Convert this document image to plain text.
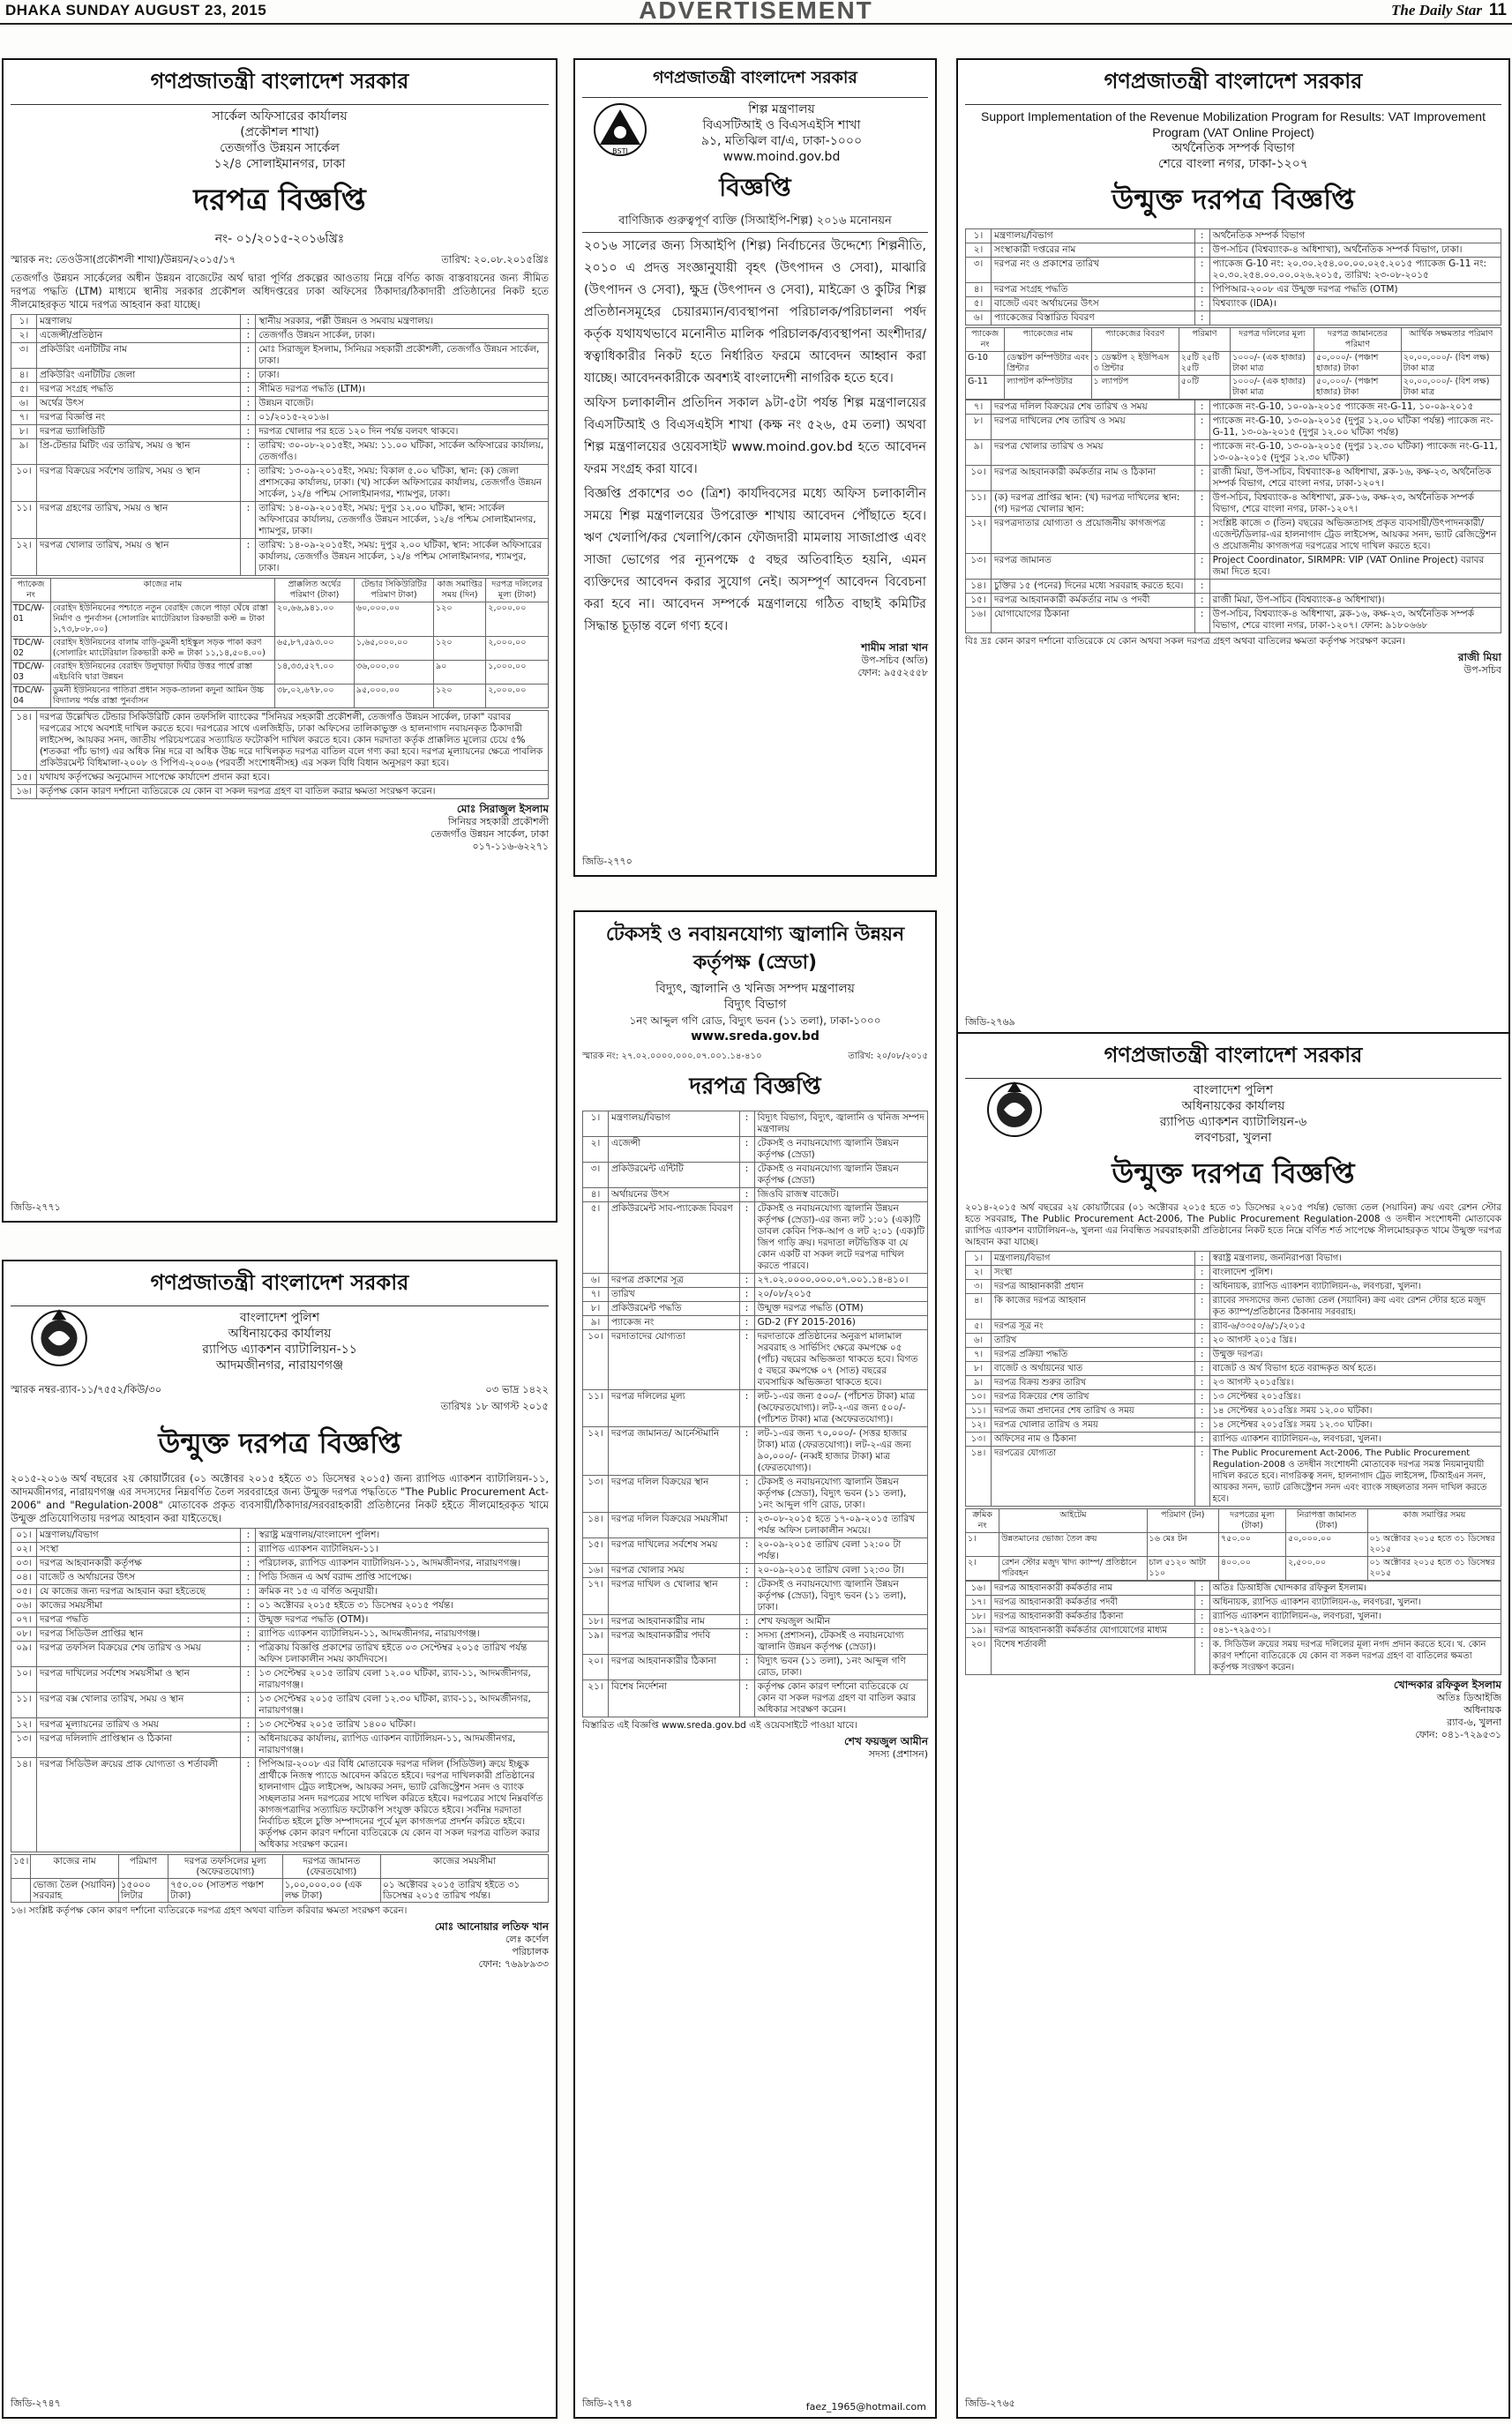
DHAKA SUNDAY AUGUST 23, 2015	ADVERTISEMENT	The Daily Star 11
গণপ্রজাতন্ত্রী বাংলাদেশ সরকার
সার্কেল অফিসারের কার্যালয়
(প্রকৌশল শাখা)
তেজগাঁও উন্নয়ন সার্কেল
১২/৪ সোলাইমানগর, ঢাকা
দরপত্র বিজ্ঞপ্তি
নং- ০১/২০১৫-২০১৬খ্রিঃ
স্মারক নং: তেওউসা(প্রকৌশলী শাখা)/উন্নয়ন/২০১৫/১৭	তারিখ: ২০.০৮.২০১৫খ্রিঃ
তেজগাঁও উন্নয়ন সার্কেলের অধীন উন্নয়ন বাজেটের অর্থ দ্বারা পূর্ণির প্রকল্পের আওতায় নিম্নে বর্ণিত কাজ বাস্তবায়নের জন্য সীমিত দরপত্র পদ্ধতি (LTM) মাধ্যমে স্থানীয় সরকার প্রকৌশল অধিদপ্তরের ঢাকা অফিসের ঠিকাদার/ঠিকাদারী প্রতিষ্ঠানের নিকট হতে সীলমোহরকৃত খামে দরপত্র আহবান করা যাচ্ছে।
১।	মন্ত্রণালয়	:	স্থানীয় সরকার, পল্লী উন্নয়ন ও সমবায় মন্ত্রণালয়।
২।	এজেন্সী/প্রতিষ্ঠান	:	তেজগাঁও উন্নয়ন সার্কেল, ঢাকা।
৩।	প্রকিউরিং এনটিটির নাম	:	মোঃ সিরাজুল ইসলাম, সিনিয়র সহকারী প্রকৌশলী, তেজগাঁও উন্নয়ন সার্কেল, ঢাকা।
৪।	প্রকিউরিং এনটিটির জেলা	:	ঢাকা।
৫।	দরপত্র সংগ্রহ পদ্ধতি	:	সীমিত দরপত্র পদ্ধতি (LTM)।
৬।	অর্থের উৎস	:	উন্নয়ন বাজেট।
৭।	দরপত্র বিজ্ঞপ্তি নং	:	০১/২০১৫-২০১৬।
৮।	দরপত্র ভ্যালিডিটি	:	দরপত্র খোলার পর হতে ১২০ দিন পর্যন্ত বলবৎ থাকবে।
৯।	প্রি-টেন্ডার মিটিং এর তারিখ, সময় ও স্থান	:	তারিখ: ৩০-০৮-২০১৫ইং, সময়: ১১.০০ ঘটিকা, সার্কেল অফিসারের কার্যালয়, তেজগাঁও।
১০।	দরপত্র বিক্রয়ের সর্বশেষ তারিখ, সময় ও স্থান	:	তারিখ: ১৩-০৯-২০১৫ইং, সময়: বিকাল ৫.০০ ঘটিকা, স্থান: (ক) জেলা প্রশাসকের কার্যালয়, ঢাকা। (খ) সার্কেল অফিসারের কার্যালয়, তেজগাঁও উন্নয়ন সার্কেল, ১২/৪ পশ্চিম সোলাইমানগর, শ্যামপুর, ঢাকা।
১১।	দরপত্র গ্রহণের তারিখ, সময় ও স্থান	:	তারিখ: ১৪-০৯-২০১৫ইং, সময়: দুপুর ১২.০০ ঘটিকা, স্থান: সার্কেল অফিসারের কার্যালয়, তেজগাঁও উন্নয়ন সার্কেল, ১২/৪ পশ্চিম সোলাইমানগর, শ্যামপুর, ঢাকা।
১২।	দরপত্র খোলার তারিখ, সময় ও স্থান	:	তারিখ: ১৪-০৯-২০১৫ইং, সময়: দুপুর ২.০০ ঘটিকা, স্থান: সার্কেল অফিসারের কার্যালয়, তেজগাঁও উন্নয়ন সার্কেল, ১২/৪ পশ্চিম সোলাইমানগর, শ্যামপুর, ঢাকা।
প্যাকেজ নং	কাজের নাম	প্রাক্কলিত অর্থের পরিমাণ (টাকা)	টেন্ডার সিকিউরিটির পরিমাণ টাকা)	কাজ সমাপ্তির সময় (দিন)	দরপত্র দলিলের মূল্য (টাকা)
TDC/W-01	বেরাইদ ইউনিয়নের পশ্চাতে নতুন বেরাইদ জেলে পাড়া ঘেঁষে রাস্তা নির্মাণ ও পুনর্বাসন (সোলারিং ম্যাটেরিয়াল রিকভারী কস্ট = টাকা ১,৭৩,৮০৮.০০)	২০,৬৬,৯৪১.০০	৬০,০০০.০০	১২০	২,০০০.০০
TDC/W-02	বেরাইদ ইউনিয়নের বালাম বাড়ি-ডুমনী হাইস্কুল সড়ক পাকা করণ (সোলারিং ম্যাটেরিয়াল রিকভারী কস্ট = টাকা ১১,১৪,৫০৪.০০)	৬৫,৮৭,৫৯৩.০০	১,৬৫,০০০.০০	১২০	২,০০০.০০
TDC/W-03	বেরাইদ ইউনিয়নের বেরাইদ উলুখাড়া দিঘীর উত্তর পার্শ্বে রাস্তা এইচবিবি দ্বারা উন্নয়ন	১৪,৩৩,৫২৭.০০	৩৬,০০০.০০	৯০	১,০০০.০০
TDC/W-04	ডুমনী ইউনিয়নের পাতিরা প্রধান সড়ক-তালনা কদুনা আমিন উচ্চ বিদ্যালয় পর্যন্ত রাস্তা পুনর্বাসন	৩৮,০২,৬৭৮.০০	৯৫,০০০.০০	১২০	২,০০০.০০
১৪।	দরপত্র উল্লেখিত টেন্ডার সিকিউরিটি কোন তফসিলি ব্যাংকের "সিনিয়র সহকারী প্রকৌশলী, তেজগাঁও উন্নয়ন সার্কেল, ঢাকা" বরাবর দরপত্রের সাথে অবশ্যই দাখিল করতে হবে। দরপত্রের সাথে এলজিইডি, ঢাকা অফিসের তালিকাভুক্ত ও হালনাগাদ নবায়নকৃত ঠিকাদারী লাইসেন্স, আয়কর সনদ, জাতীয় পরিচয়পত্রের সত্যায়িত ফটোকপি দাখিল করতে হবে। কোন দরদাতা কর্তৃক প্রাক্কলিত মূল্যের চেয়ে ৫% (শতকরা পাঁচ ভাগ) এর অধিক নিম্ন দরে বা অধিক উচ্চ দরে দাখিলকৃত দরপত্র বাতিল বলে গণ্য করা হবে। দরপত্র মূল্যায়নের ক্ষেত্রে পাবলিক প্রকিউরমেন্ট বিধিমালা-২০০৮ ও পিপিএ-২০০৬ (পরবর্তী সংশোধনীসহ) এর সকল বিধি বিধান অনুসরণ করা হবে।
১৫।	যথাযথ কর্তৃপক্ষের অনুমোদন সাপেক্ষে কার্যাদেশ প্রদান করা হবে।
১৬।	কর্তৃপক্ষ কোন কারণ দর্শানো ব্যতিরেকে যে কোন বা সকল দরপত্র গ্রহণ বা বাতিল করার ক্ষমতা সংরক্ষণ করেন।
মোঃ সিরাজুল ইসলাম
সিনিয়র সহকারী প্রকৌশলী
তেজগাঁও উন্নয়ন সার্কেল, ঢাকা
০১৭-১১৬-৬২২৭১
জিডি-২৭৭১
গণপ্রজাতন্ত্রী বাংলাদেশ সরকার
BSTI
শিল্প মন্ত্রণালয়
বিএসটিআই ও বিএসএইসি শাখা
৯১, মতিঝিল বা/এ, ঢাকা-১০০০
www.moind.gov.bd
বিজ্ঞপ্তি
বাণিজ্যিক গুরুত্বপূর্ণ ব্যক্তি (সিআইপি-শিল্প) ২০১৬ মনোনয়ন
২০১৬ সালের জন্য সিআইপি (শিল্প) নির্বাচনের উদ্দেশ্যে শিল্পনীতি, ২০১০ এ প্রদত্ত সংজ্ঞানুযায়ী বৃহৎ (উৎপাদন ও সেবা), মাঝারি (উৎপাদন ও সেবা), ক্ষুদ্র (উৎপাদন ও সেবা), মাইক্রো ও কুটির শিল্প প্রতিষ্ঠানসমূহের চেয়ারম্যান/ব্যবস্থাপনা পরিচালক/পরিচালনা পর্ষদ কর্তৃক যথাযথভাবে মনোনীত মালিক পরিচালক/ব্যবস্থাপনা অংশীদার/স্বত্বাধিকারীর নিকট হতে নির্ধারিত ফরমে আবেদন আহ্বান করা যাচ্ছে। আবেদনকারীকে অবশ্যই বাংলাদেশী নাগরিক হতে হবে।
অফিস চলাকালীন প্রতিদিন সকাল ৯টা-৫টা পর্যন্ত শিল্প মন্ত্রণালয়ের বিএসটিআই ও বিএসএইসি শাখা (কক্ষ নং ৫২৬, ৫ম তলা) অথবা শিল্প মন্ত্রণালয়ের ওয়েবসাইট www.moind.gov.bd হতে আবেদন ফরম সংগ্রহ করা যাবে।
বিজ্ঞপ্তি প্রকাশের ৩০ (ত্রিশ) কার্যদিবসের মধ্যে অফিস চলাকালীন সময়ে শিল্প মন্ত্রণালয়ের উপরোক্ত শাখায় আবেদন পৌঁছাতে হবে। ঋণ খেলাপি/কর খেলাপি/কোন ফৌজদারী মামলায় সাজাপ্রাপ্ত এবং সাজা ভোগের পর ন্যূনপক্ষে ৫ বছর অতিবাহিত হয়নি, এমন ব্যক্তিদের আবেদন করার সুযোগ নেই। অসম্পূর্ণ আবেদন বিবেচনা করা হবে না। আবেদন সম্পর্কে মন্ত্রণালয়ে গঠিত বাছাই কমিটির সিদ্ধান্ত চূড়ান্ত বলে গণ্য হবে।
শামীম সারা খান
উপ-সচিব (অতি)
ফোন: ৯৫৫২৫৫৮
জিডি-২৭৭০
টেকসই ও নবায়নযোগ্য জ্বালানি উন্নয়ন কর্তৃপক্ষ (স্রেডা)
বিদ্যুৎ, জ্বালানি ও খনিজ সম্পদ মন্ত্রণালয়
বিদ্যুৎ বিভাগ
১নং আব্দুল গণি রোড, বিদ্যুৎ ভবন (১১ তলা), ঢাকা-১০০০
www.sreda.gov.bd
স্মারক নং: ২৭.০২.০০০০.০০০.০৭.০০১.১৪-৪১০	তারিখ: ২০/০৮/২০১৫
দরপত্র বিজ্ঞপ্তি
১।	মন্ত্রণালয়/বিভাগ	:	বিদ্যুৎ বিভাগ, বিদ্যুৎ, জ্বালানি ও খনিজ সম্পদ মন্ত্রণালয়
২।	এজেন্সী	:	টেকসই ও নবায়নযোগ্য জ্বালানি উন্নয়ন কর্তৃপক্ষ (স্রেডা)
৩।	প্রকিউরমেন্ট এন্টিটি	:	টেকসই ও নবায়নযোগ্য জ্বালানি উন্নয়ন কর্তৃপক্ষ (স্রেডা)
৪।	অর্থায়নের উৎস	:	জিওবি রাজস্ব বাজেট।
৫।	প্রকিউরমেন্ট সাব-প্যাকেজ বিবরণ	:	টেকসই ও নবায়নযোগ্য জ্বালানি উন্নয়ন কর্তৃপক্ষ (স্রেডা)-এর জন্য লট ১:০১ (এক)টি ডাবল কেবিন পিক-আপ ও লট ২:০১ (এক)টি জিপ গাড়ি ক্রয়। দরদাতা লটভিত্তিক বা যে কোন একটি বা সকল লটে দরপত্র দাখিল করতে পারবে।
৬।	দরপত্র প্রকাশের সূত্র	:	২৭.০২.০০০০.০০০.০৭.০০১.১৪-৪১০।
৭।	তারিখ	:	২০/০৮/২০১৫
৮।	প্রকিউরমেন্ট পদ্ধতি	:	উন্মুক্ত দরপত্র পদ্ধতি (OTM)
৯।	প্যাকেজ নং	:	GD-2 (FY 2015-2016)
১০।	দরদাতাদের যোগ্যতা	:	দরদাতাকে প্রতিষ্ঠানের অনুরূপ মালামাল সরবরাহ ও সার্ভিসিং ক্ষেত্রে কমপক্ষে ০৫ (পাঁচ) বছরের অভিজ্ঞতা থাকতে হবে। বিগত ৫ বছরে কমপক্ষে ০৭ (সাত) বছরের ব্যবসায়িক অভিজ্ঞতা থাকতে হবে।
১১।	দরপত্র দলিলের মূল্য	:	লট-১-এর জন্য ৫০০/- (পাঁচশত টাকা) মাত্র (অফেরতযোগ্য)। লট-২-এর জন্য ৫০০/- (পাঁচশত টাকা) মাত্র (অফেরতযোগ্য)।
১২।	দরপত্র জামানত/ আর্নেস্টমানি	:	লট-১-এর জন্য ৭০,০০০/- (সত্তর হাজার টাকা) মাত্র (ফেরতযোগ্য)। লট-২-এর জন্য ৯০,০০০/- (নব্বই হাজার টাকা) মাত্র (ফেরতযোগ্য)।
১৩।	দরপত্র দলিল বিক্রয়ের স্থান	:	টেকসই ও নবায়নযোগ্য জ্বালানি উন্নয়ন কর্তৃপক্ষ (স্রেডা), বিদ্যুৎ ভবন (১১ তলা), ১নং আব্দুল গণি রোড, ঢাকা।
১৪।	দরপত্র দলিল বিক্রয়ের সময়সীমা	:	২৩-০৮-২০১৫ হতে ১৭-০৯-২০১৫ তারিখ পর্যন্ত অফিস চলাকালীন সময়ে।
১৫।	দরপত্র দাখিলের সর্বশেষ সময়	:	২০-০৯-২০১৫ তারিখ বেলা ১২:০০ টা পর্যন্ত।
১৬।	দরপত্র খোলার সময়	:	২০-০৯-২০১৫ তারিখ বেলা ১২:৩০ টা।
১৭।	দরপত্র দাখিল ও খোলার স্থান	:	টেকসই ও নবায়নযোগ্য জ্বালানি উন্নয়ন কর্তৃপক্ষ (স্রেডা), বিদ্যুৎ ভবন (১১ তলা), ঢাকা।
১৮।	দরপত্র আহবানকারীর নাম	:	শেখ ফয়জুল আমীন
১৯।	দরপত্র আহবানকারীর পদবি	:	সদস্য (প্রশাসন), টেকসই ও নবায়নযোগ্য জ্বালানি উন্নয়ন কর্তৃপক্ষ (স্রেডা)।
২০।	দরপত্র আহবানকারীর ঠিকানা	:	বিদ্যুৎ ভবন (১১ তলা), ১নং আব্দুল গণি রোড, ঢাকা।
২১।	বিশেষ নির্দেশনা	:	কর্তৃপক্ষ কোন কারণ দর্শানো ব্যতিরেকে যে কোন বা সকল দরপত্র গ্রহণ বা বাতিল করার অধিকার সংরক্ষণ করেন।
বিস্তারিত এই বিজ্ঞপ্তি www.sreda.gov.bd এই ওয়েবসাইটে পাওয়া যাবে।
শেখ ফয়জুল আমীন
সদস্য (প্রশাসন)
জিডি-২৭৭৪	faez_1965@hotmail.com
গণপ্রজাতন্ত্রী বাংলাদেশ সরকার
Support Implementation of the Revenue Mobilization Program for Results: VAT Improvement Program (VAT Online Project)
অর্থনৈতিক সম্পর্ক বিভাগ
শেরে বাংলা নগর, ঢাকা-১২০৭
উন্মুক্ত দরপত্র বিজ্ঞপ্তি
১।	মন্ত্রণালয়/বিভাগ	:	অর্থনৈতিক সম্পর্ক বিভাগ
২।	সংস্থাকারী দপ্তরের নাম	:	উপ-সচিব (বিশ্বব্যাংক-৪ অধিশাখা), অর্থনৈতিক সম্পর্ক বিভাগ, ঢাকা।
৩।	দরপত্র নং ও প্রকাশের তারিখ	:	প্যাকেজ G-10 নং: ২০.৩০.২৫৪.০০.০০.০২৫.২০১৫ প্যাকেজ G-11 নং: ২০.৩০.২৫৪.০০.০০.০২৬.২০১৫, তারিখ: ২৩-০৮-২০১৫
৪।	দরপত্র সংগ্রহ পদ্ধতি	:	পিপিআর-২০০৮ এর উন্মুক্ত দরপত্র পদ্ধতি (OTM)
৫।	বাজেট এবং অর্থায়নের উৎস	:	বিশ্বব্যাংক (IDA)।
৬।	প্যাকেজের বিস্তারিত বিবরণ	:	
প্যাকেজ নং	প্যাকেজের নাম	প্যাকেজের বিবরণ	পরিমাণ	দরপত্র দলিলের মূল্য	দরপত্র জামানতের পরিমাণ	আর্থিক সক্ষমতার পরিমাণ
G-10	ডেস্কটপ কম্পিউটার এবং প্রিন্টার	১ ডেস্কটপ ২ ইউপিএস ৩ প্রিন্টার	২৫টি ২৫টি ২৫টি	১০০০/- (এক হাজার) টাকা মাত্র	৫০,০০০/- (পঞ্চাশ হাজার) টাকা	২০,০০,০০০/- (বিশ লক্ষ) টাকা মাত্র
G-11	ল্যাপটপ কম্পিউটার	১ ল্যাপটপ	৫০টি	১০০০/- (এক হাজার) টাকা মাত্র	৫০,০০০/- (পঞ্চাশ হাজার) টাকা	২০,০০,০০০/- (বিশ লক্ষ) টাকা মাত্র
৭।	দরপত্র দলিল বিক্রয়ের শেষ তারিখ ও সময়	:	প্যাকেজ নং-G-10, ১০-০৯-২০১৫ প্যাকেজ নং-G-11, ১০-০৯-২০১৫
৮।	দরপত্র দাখিলের শেষ তারিখ ও সময়	:	প্যাকেজ নং-G-10, ১৩-০৯-২০১৫ (দুপুর ১২.০০ ঘটিকা পর্যন্ত) প্যাকেজ নং-G-11, ১৩-০৯-২০১৫ (দুপুর ১২.০০ ঘটিকা পর্যন্ত)
৯।	দরপত্র খোলার তারিখ ও সময়	:	প্যাকেজ নং-G-10, ১৩-০৯-২০১৫ (দুপুর ১২.৩০ ঘটিকা) প্যাকেজ নং-G-11, ১৩-০৯-২০১৫ (দুপুর ১২.৩০ ঘটিকা)
১০।	দরপত্র আহবানকারী কর্মকর্তার নাম ও ঠিকানা	:	রাজী মিয়া, উপ-সচিব, বিশ্বব্যাংক-৪ অধিশাখা, ব্লক-১৬, কক্ষ-২৩, অর্থনৈতিক সম্পর্ক বিভাগ, শেরে বাংলা নগর, ঢাকা-১২০৭।
১১।	(ক) দরপত্র প্রাপ্তির স্থান: (খ) দরপত্র দাখিলের স্থান: (গ) দরপত্র খোলার স্থান:	:	উপ-সচিব, বিশ্বব্যাংক-৪ অধিশাখা, ব্লক-১৬, কক্ষ-২৩, অর্থনৈতিক সম্পর্ক বিভাগ, শেরে বাংলা নগর, ঢাকা-১২০৭।
১২।	দরপত্রদাতার যোগ্যতা ও প্রয়োজনীয় কাগজপত্র	:	সংশ্লিষ্ট কাজে ৩ (তিন) বছরের অভিজ্ঞতাসহ প্রকৃত ব্যবসায়ী/উৎপাদনকারী/এজেন্ট/ডিলার-এর হালনাগাদ ট্রেড লাইসেন্স, আয়কর সনদ, ভ্যাট রেজিস্ট্রেশন ও প্রয়োজনীয় কাগজপত্র দরপত্রের সাথে দাখিল করতে হবে।
১৩।	দরপত্র জামানত	:	Project Coordinator, SIRMPR: VIP (VAT Online Project) বরাবর জমা দিতে হবে।
১৪।	চুক্তির ১৫ (পনের) দিনের মধ্যে সরবরাহ করতে হবে।	:	
১৫।	দরপত্র আহবানকারী কর্মকর্তার নাম ও পদবী	:	রাজী মিয়া, উপ-সচিব (বিশ্বব্যাংক-৪ অধিশাখা)।
১৬।	যোগাযোগের ঠিকানা	:	উপ-সচিব, বিশ্বব্যাংক-৪ অধিশাখা, ব্লক-১৬, কক্ষ-২৩, অর্থনৈতিক সম্পর্ক বিভাগ, শেরে বাংলা নগর, ঢাকা-১২০৭। ফোন: ৯১৮০৬৬৮
বিঃ দ্রঃ কোন কারণ দর্শানো ব্যতিরেকে যে কোন অথবা সকল দরপত্র গ্রহণ অথবা বাতিলের ক্ষমতা কর্তৃপক্ষ সংরক্ষণ করেন।
রাজী মিয়া
উপ-সচিব
জিডি-২৭৬৯
গণপ্রজাতন্ত্রী বাংলাদেশ সরকার
বাংলাদেশ পুলিশ
অধিনায়কের কার্যালয়
র‍্যাপিড এ্যাকশন ব্যাটালিয়ন-৬
লবণচরা, খুলনা
উন্মুক্ত দরপত্র বিজ্ঞপ্তি
২০১৪-২০১৫ অর্থ বছরের ২য় কোয়ার্টারের (০১ অক্টোবর ২০১৫ হতে ৩১ ডিসেম্বর ২০১৫ পর্যন্ত) ভোজ্য তেল (সয়াবিন) ক্রয় এবং রেশন স্টোর হতে সরবরাহ, The Public Procurement Act-2006, The Public Procurement Regulation-2008 ও তদধীন সংশোধনী মোতাবেক র‍্যাপিড এ্যাকশন ব্যাটালিয়ন-৬, খুলনা এর নিবন্ধিত সরবরাহকারী প্রতিষ্ঠানের নিকট হতে নিম্নে বর্ণিত শর্ত সাপেক্ষে সীলমোহরকৃত খামে উন্মুক্ত দরপত্র আহবান করা যাচ্ছে।
১।	মন্ত্রণালয়/বিভাগ	:	স্বরাষ্ট্র মন্ত্রণালয়, জননিরাপত্তা বিভাগ।
২।	সংস্থা	:	বাংলাদেশ পুলিশ।
৩।	দরপত্র আহ্বানকারী প্রধান	:	অধিনায়ক, র‍্যাপিড এ্যাকশন ব্যাটালিয়ন-৬, লবণচরা, খুলনা।
৪।	কি কাজের দরপত্র আহবান	:	র‍্যাবের সদস্যদের জন্য ভোজ্য তেল (সয়াবিন) ক্রয় এবং রেশন স্টোর হতে মজুদ কৃত ক্যাম্প/প্রতিষ্ঠানের ঠিকানায় সরবরাহ।
৫।	দরপত্র সূত্র নং	:	র‍্যাব-৬/৩৩৫০/৬/১/২০১৫
৬।	তারিখ	:	২০ আগস্ট ২০১৫ খ্রিঃ।
৭।	দরপত্র প্রক্রিয়া পদ্ধতি	:	উন্মুক্ত দরপত্র।
৮।	বাজেট ও অর্থায়নের খাত	:	বাজেট ও অর্থ বিভাগ হতে বরাদ্দকৃত অর্থ হতে।
৯।	দরপত্র বিক্রয় শুরুর তারিখ	:	২৩ আগস্ট ২০১৫খ্রিঃ।
১০।	দরপত্র বিক্রয়ের শেষ তারিখ	:	১৩ সেপ্টেম্বর ২০১৫খ্রিঃ।
১১।	দরপত্র জমা প্রদানের শেষ তারিখ ও সময়	:	১৪ সেপ্টেম্বর ২০১৫খ্রিঃ সময় ১২.০০ ঘটিকা।
১২।	দরপত্র খোলার তারিখ ও সময়	:	১৪ সেপ্টেম্বর ২০১৫খ্রিঃ সময় ১২.৩০ ঘটিকা।
১৩।	অফিসের নাম ও ঠিকানা	:	র‍্যাপিড এ্যাকশন ব্যাটালিয়ন-৬, লবণচরা, খুলনা।
১৪।	দরপত্রের যোগ্যতা	:	The Public Procurement Act-2006, The Public Procurement Regulation-2008 ও তদধীন সংশোধনী মোতাবেক দরপত্র সমস্ত নিয়মানুযায়ী দাখিল করতে হবে। নাগরিকত্ব সনদ, হালনাগাদ ট্রেড লাইসেন্স, টিআইএন সনদ, আয়কর সনদ, ভ্যাট রেজিস্ট্রেশন সনদ এবং ব্যাংক সচ্ছলতার সনদ দাখিল করতে হবে।
ক্রমিক নং	আইটেম	পরিমাণ (টন)	দরপত্রের মূল্য (টাকা)	নিরাপত্তা জামানত (টাকা)	কাজ সমাপ্তির সময়
১।	উন্নতমানের ভোজ্য তৈল ক্রয়	১৬ মেঃ টন	৭৫০.০০	৫০,০০০.০০	০১ অক্টোবর ২০১৫ হতে ৩১ ডিসেম্বর ২০১৫
২।	রেশন স্টোর মজুদ খাদ্য ক্যাম্প/ প্রতিষ্ঠানে পরিবহন	চাল ৫১২০ আটা ১১০	৪০০.০০	২,৫০০.০০	০১ অক্টোবর ২০১৫ হতে ৩১ ডিসেম্বর ২০১৫
১৬।	দরপত্র আহবানকারী কর্মকর্তার নাম	:	অতিঃ ডিআইজি খোন্দকার রফিকুল ইসলাম।
১৭।	দরপত্র আহবানকারী কর্মকর্তার পদবী	:	অধিনায়ক, র‍্যাপিড এ্যাকশন ব্যাটালিয়ন-৬, লবণচরা, খুলনা।
১৮।	দরপত্র আহবানকারী কর্মকর্তার ঠিকানা	:	র‍্যাপিড এ্যাকশন ব্যাটালিয়ন-৬, লবণচরা, খুলনা।
১৯।	দরপত্র আহবানকারী কর্মকর্তার যোগাযোগের মাধ্যম	:	০৪১-৭২৯৫৩১।
২০।	বিশেষ শর্তাবলী	:	ক. সিডিউল ক্রয়ের সময় দরপত্র দলিলের মূল্য নগদ প্রদান করতে হবে। খ. কোন কারণ দর্শানো ব্যতিরেকে যে কোন বা সকল দরপত্র গ্রহণ বা বাতিলের ক্ষমতা কর্তৃপক্ষ সংরক্ষণ করেন।
খোন্দকার রফিকুল ইসলাম
অতিঃ ডিআইজি
অধিনায়ক
র‍্যাব-৬, খুলনা
ফোন: ০৪১-৭২৯৫৩১
জিডি-২৭৬৫
গণপ্রজাতন্ত্রী বাংলাদেশ সরকার
বাংলাদেশ পুলিশ
অধিনায়কের কার্যালয়
র‍্যাপিড এ্যাকশন ব্যাটালিয়ন-১১
আদমজীনগর, নারায়ণগঞ্জ
স্মারক নম্বর-র‍্যাব-১১/৭৫৫২/কিউ/৩০	০৩ ভাদ্র ১৪২২
তারিখঃ ১৮ আগস্ট ২০১৫
উন্মুক্ত দরপত্র বিজ্ঞপ্তি
২০১৫-২০১৬ অর্থ বছরের ২য় কোয়ার্টারের (০১ অক্টোবর ২০১৫ হইতে ৩১ ডিসেম্বর ২০১৫) জন্য র‍্যাপিড এ্যাকশন ব্যাটালিয়ন-১১, আদমজীনগর, নারায়ণগঞ্জ এর সদস্যদের নিম্নবর্ণিত তৈল সরবরাহের জন্য উন্মুক্ত দরপত্র পদ্ধতিতে "The Public Procurement Act-2006" and "Regulation-2008" মোতাবেক প্রকৃত ব্যবসায়ী/ঠিকাদার/সরবরাহকারী প্রতিষ্ঠানের নিকট হইতে সীলমোহরকৃত খামে উন্মুক্ত প্রতিযোগিতায় দরপত্র আহবান করা যাইতেছে।
০১।	মন্ত্রণালয়/বিভাগ	:	স্বরাষ্ট্র মন্ত্রণালয়/বাংলাদেশ পুলিশ।
০২।	সংস্থা	:	র‍্যাপিড এ্যাকশন ব্যাটালিয়ন-১১।
০৩।	দরপত্র আহবানকারী কর্তৃপক্ষ	:	পরিচালক, র‍্যাপিড এ্যাকশন ব্যাটালিয়ন-১১, আদমজীনগর, নারায়ণগঞ্জ।
০৪।	বাজেট ও অর্থায়নের উৎস	:	পিডি সিজন এ অর্থ বরাদ্দ প্রাপ্তি সাপেক্ষে।
০৫।	যে কাজের জন্য দরপত্র আহবান করা হইতেছে	:	ক্রমিক নং ১৫ এ বর্ণিত অনুযায়ী।
০৬।	কাজের সময়সীমা	:	০১ অক্টোবর ২০১৫ হইতে ৩১ ডিসেম্বর ২০১৫ পর্যন্ত।
০৭।	দরপত্র পদ্ধতি	:	উন্মুক্ত দরপত্র পদ্ধতি (OTM)।
০৮।	দরপত্র সিডিউল প্রাপ্তির স্থান	:	র‍্যাপিড এ্যাকশন ব্যাটালিয়ন-১১, আদমজীনগর, নারায়ণগঞ্জ।
০৯।	দরপত্র তফসিল বিক্রয়ের শেষ তারিখ ও সময়	:	পত্রিকায় বিজ্ঞপ্তি প্রকাশের তারিখ হইতে ০৩ সেপ্টেম্বর ২০১৫ তারিখ পর্যন্ত অফিস চলাকালীন সময় কার্যদিবসে।
১০।	দরপত্র দাখিলের সর্বশেষ সময়সীমা ও স্থান	:	১৩ সেপ্টেম্বর ২০১৫ তারিখ বেলা ১২.০০ ঘটিকা, র‍্যাব-১১, আদমজীনগর, নারায়ণগঞ্জ।
১১।	দরপত্র বক্স খোলার তারিখ, সময় ও স্থান	:	১৩ সেপ্টেম্বর ২০১৫ তারিখ বেলা ১২.৩০ ঘটিকা, র‍্যাব-১১, আদমজীনগর, নারায়ণগঞ্জ।
১২।	দরপত্র মূল্যায়নের তারিখ ও সময়	:	১৩ সেপ্টেম্বর ২০১৫ তারিখ ১৪০০ ঘটিকা।
১৩।	দরপত্র দলিলাদি প্রাপ্তিস্থান ও ঠিকানা	:	অধিনায়কের কার্যালয়, র‍্যাপিড এ্যাকশন ব্যাটালিয়ন-১১, আদমজীনগর, নারায়ণগঞ্জ।
১৪।	দরপত্র সিডিউল ক্রয়ের প্রাক যোগ্যতা ও শর্তাবলী	:	পিপিআর-২০০৮ এর বিধি মোতাবেক দরপত্র দলিল (সিডিউল) ক্রয়ে ইচ্ছুক প্রার্থীকে নিজস্ব প্যাডে আবেদন করিতে হইবে। দরপত্র দাখিলকারী প্রতিষ্ঠানের হালনাগাদ ট্রেড লাইসেন্স, আয়কর সনদ, ভ্যাট রেজিস্ট্রেশন সনদ ও ব্যাংক সচ্ছলতার সনদ দরপত্রের সাথে দাখিল করিতে হইবে। দরপত্রের সাথে নিম্নবর্ণিত কাগজপত্রাদির সত্যায়িত ফটোকপি সংযুক্ত করিতে হইবে। সর্বনিম্ন দরদাতা নির্বাচিত হইলে চুক্তি সম্পাদনের পূর্বে মূল কাগজপত্র প্রদর্শন করিতে হইবে। কর্তৃপক্ষ কোন কারণ দর্শানো ব্যতিরেকে যে কোন বা সকল দরপত্র বাতিল করার অধিকার সংরক্ষণ করেন।
১৫।	কাজের নাম	পরিমাণ	দরপত্র তফসিলের মূল্য (অফেরতযোগ্য)	দরপত্র জামানত (ফেরতযোগ্য)	কাজের সময়সীমা
	ভোজ্য তৈল (সয়াবিন) সরবরাহ	১৫০০০ লিটার	৭৫০.০০ (সাতশত পঞ্চাশ টাকা)	১,০০,০০০.০০ (এক লক্ষ টাকা)	০১ অক্টোবর ২০১৫ তারিখ হইতে ৩১ ডিসেম্বর ২০১৫ তারিখ পর্যন্ত।
১৬। সংশ্লিষ্ট কর্তৃপক্ষ কোন কারণ দর্শানো ব্যতিরেকে দরপত্র গ্রহণ অথবা বাতিল করিবার ক্ষমতা সংরক্ষণ করেন।
মোঃ আনোয়ার লতিফ খান
লেঃ কর্ণেল
পরিচালক
ফোন: ৭৬৯৮৯৩৩
জিডি-২৭৪৭
